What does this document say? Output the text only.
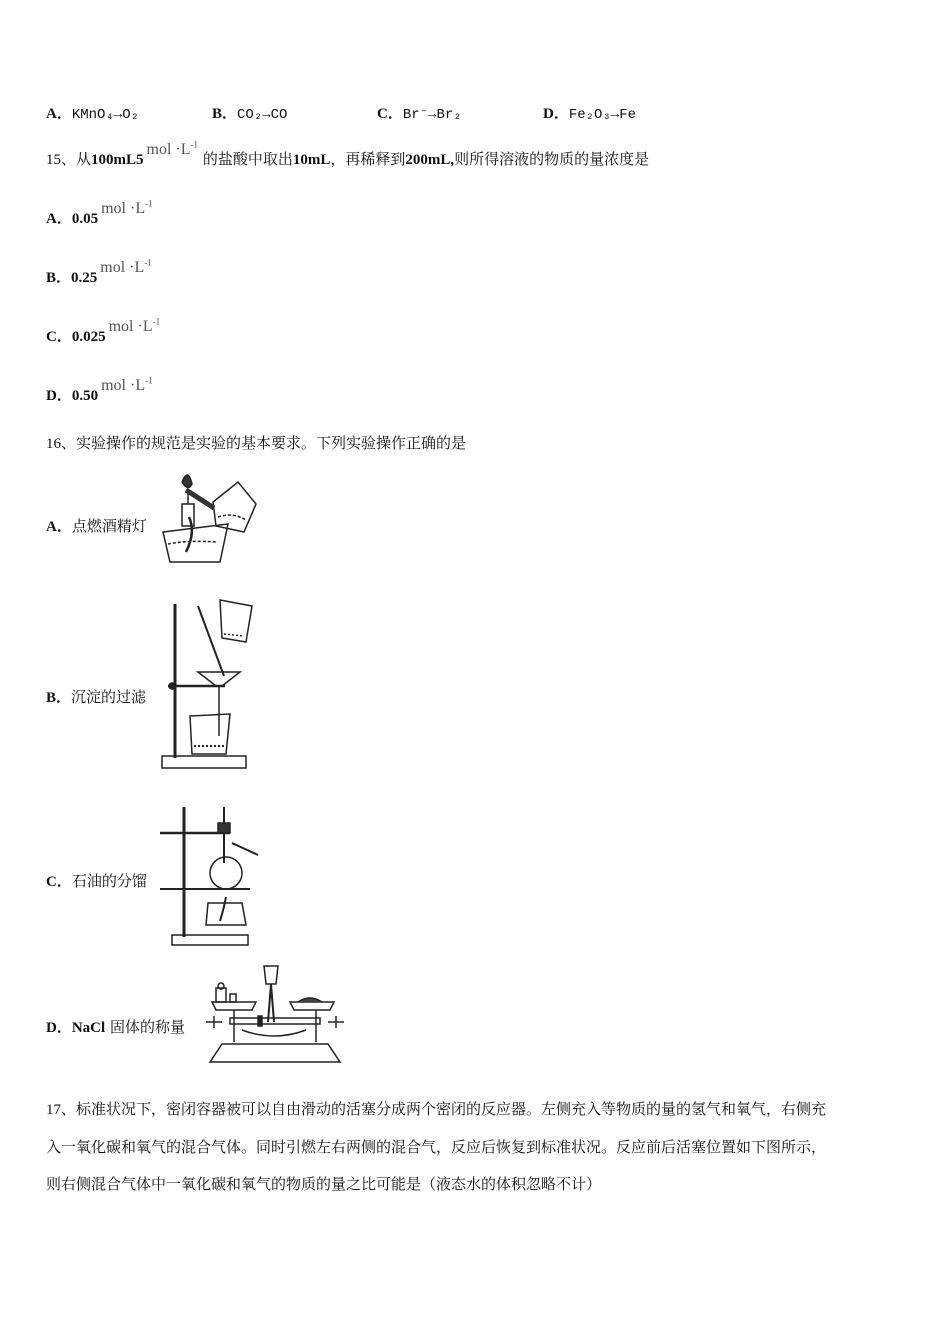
A．KMnO₄→O₂	B．CO₂→CO	C．Br⁻→Br₂	D．Fe₂O₃→Fe
15、从$100mL5mol \cdot L^{-1}$ 的盐酸中取出10mL，再稀释到200mL,则所得溶液的物质的量浓度是
A．$0.05mol \cdot L^{-1}$
B．$0.25mol \cdot L^{-1}$
C．$0.025mol \cdot L^{-1}$
D．$0.50mol \cdot L^{-1}$
16、实验操作的规范是实验的基本要求。下列实验操作正确的是
A．点燃酒精灯
B．沉淀的过滤
C．石油的分馏
D．NaCl 固体的称量
17、标准状况下，密闭容器被可以自由滑动的活塞分成两个密闭的反应器。左侧充入等物质的量的氢气和氧气，右侧充
入一氧化碳和氧气的混合气体。同时引燃左右两侧的混合气，反应后恢复到标准状况。反应前后活塞位置如下图所示，
则右侧混合气体中一氧化碳和氧气的物质的量之比可能是（液态水的体积忽略不计）
